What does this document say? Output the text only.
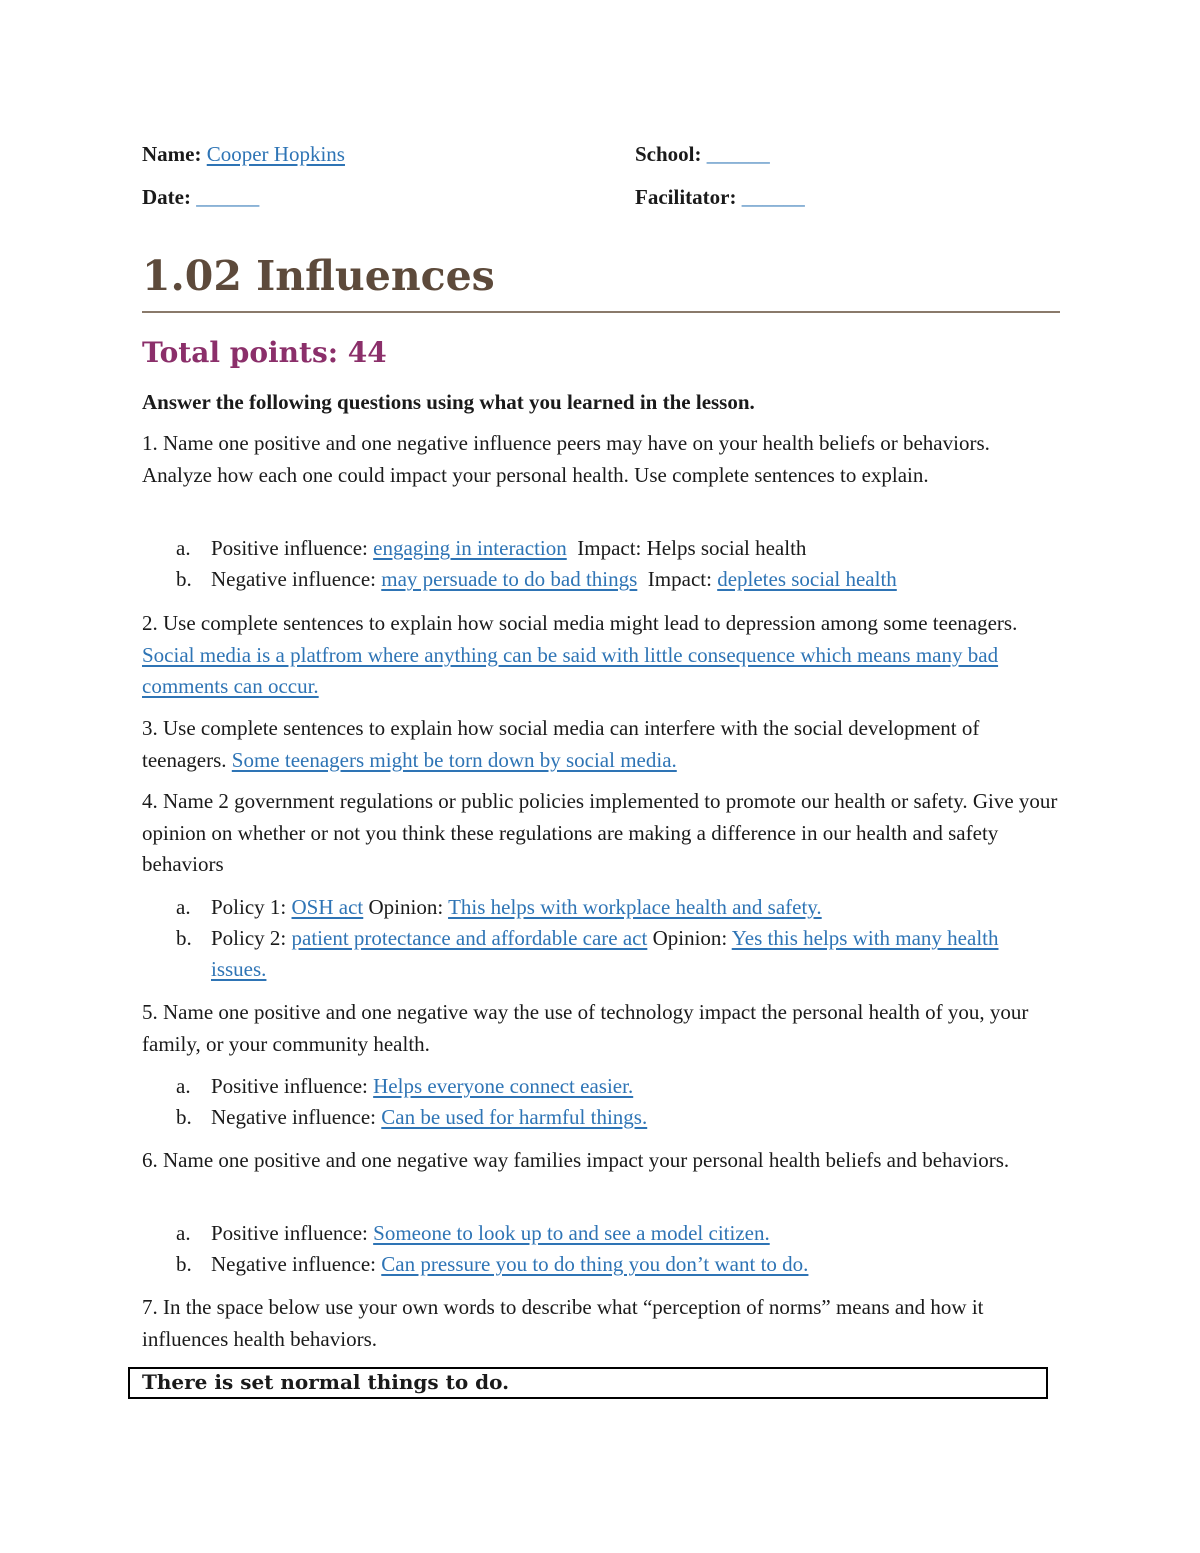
Name: Cooper Hopkins	School: ______
Date: ______	Facilitator: ______
1.02 Influences
Total points: 44
Answer the following questions using what you learned in the lesson.
1. Name one positive and one negative influence peers may have on your health beliefs or behaviors. Analyze how each one could impact your personal health. Use complete sentences to explain.
a. Positive influence: engaging in interaction  Impact: Helps social health
b. Negative influence: may persuade to do bad things  Impact: depletes social health
2. Use complete sentences to explain how social media might lead to depression among some teenagers. Social media is a platfrom where anything can be said with little consequence which means many bad comments can occur.
3. Use complete sentences to explain how social media can interfere with the social development of teenagers. Some teenagers might be torn down by social media.
4. Name 2 government regulations or public policies implemented to promote our health or safety. Give your opinion on whether or not you think these regulations are making a difference in our health and safety behaviors
a. Policy 1: OSH act Opinion: This helps with workplace health and safety.
b. Policy 2: patient protectance and affordable care act Opinion: Yes this helps with many health issues.
5. Name one positive and one negative way the use of technology impact the personal health of you, your family, or your community health.
a. Positive influence: Helps everyone connect easier.
b. Negative influence: Can be used for harmful things.
6. Name one positive and one negative way families impact your personal health beliefs and behaviors.
a. Positive influence: Someone to look up to and see a model citizen.
b. Negative influence: Can pressure you to do thing you don’t want to do.
7. In the space below use your own words to describe what “perception of norms” means and how it influences health behaviors.
There is set normal things to do.
